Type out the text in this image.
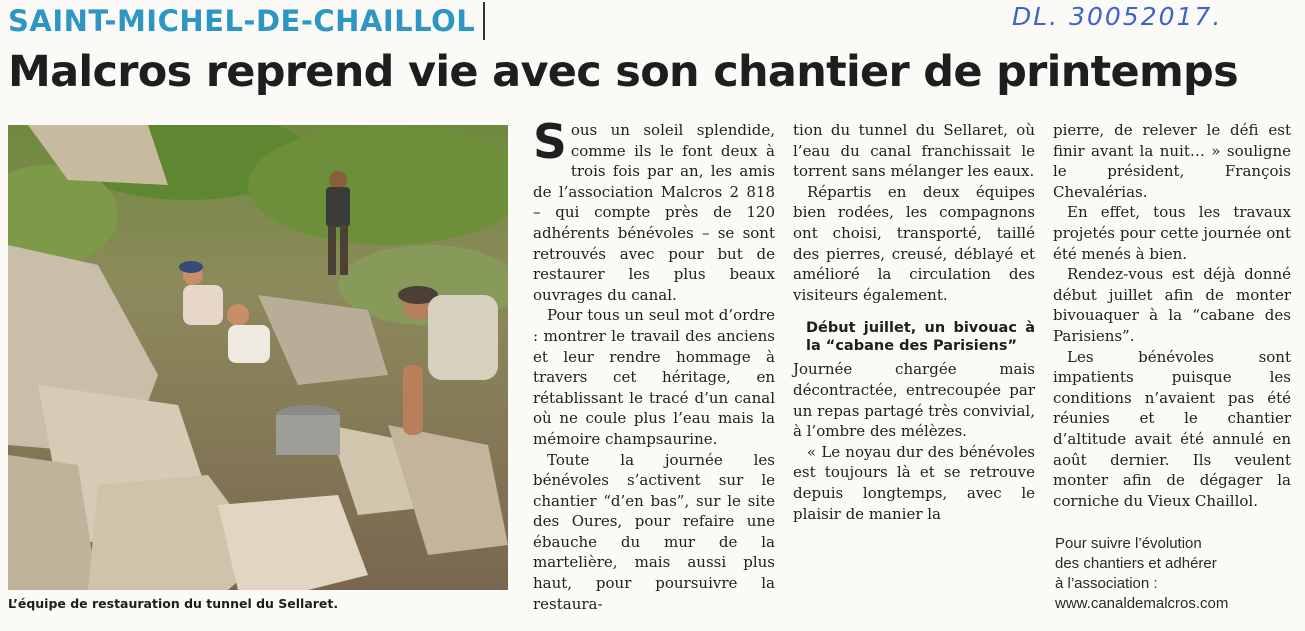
SAINT-MICHEL-DE-CHAILLOL	DL. 30052017.
Malcros reprend vie avec son chantier de printemps
L’équipe de restauration du tunnel du Sellaret.

Sous un soleil splendide, comme ils le font deux à trois fois par an, les amis de l’association Malcros 2 818 – qui compte près de 120 adhérents bénévoles – se sont retrouvés avec pour but de restaurer les plus beaux ouvrages du canal.

Pour tous un seul mot d’ordre : montrer le travail des anciens et leur rendre hommage à travers cet héritage, en rétablissant le tracé d’un canal où ne coule plus l’eau mais la mémoire champsaurine.

Toute la journée les bénévoles s’activent sur le chantier “d’en bas”, sur le site des Oures, pour refaire une ébauche du mur de la martelière, mais aussi plus haut, pour poursuivre la restaura-

tion du tunnel du Sellaret, où l’eau du canal franchissait le torrent sans mélanger les eaux.

Répartis en deux équipes bien rodées, les compagnons ont choisi, transporté, taillé des pierres, creusé, déblayé et amélioré la circulation des visiteurs également.

Début juillet, un bivouac à la “cabane des Parisiens”

Journée chargée mais décontractée, entrecoupée par un repas partagé très convivial, à l’ombre des mélèzes.

« Le noyau dur des bénévoles est toujours là et se retrouve depuis longtemps, avec le plaisir de manier la

pierre, de relever le défi est finir avant la nuit… » souligne le président, François Chevalérias.

En effet, tous les travaux projetés pour cette journée ont été menés à bien.

Rendez-vous est déjà donné début juillet afin de monter bivouaquer à la “cabane des Parisiens”.

Les bénévoles sont impatients puisque les conditions n’avaient pas été réunies et le chantier d’altitude avait été annulé en août dernier. Ils veulent monter afin de dégager la corniche du Vieux Chaillol.

Pour suivre l’évolution
des chantiers et adhérer
à l’association :
www.canaldemalcros.com
